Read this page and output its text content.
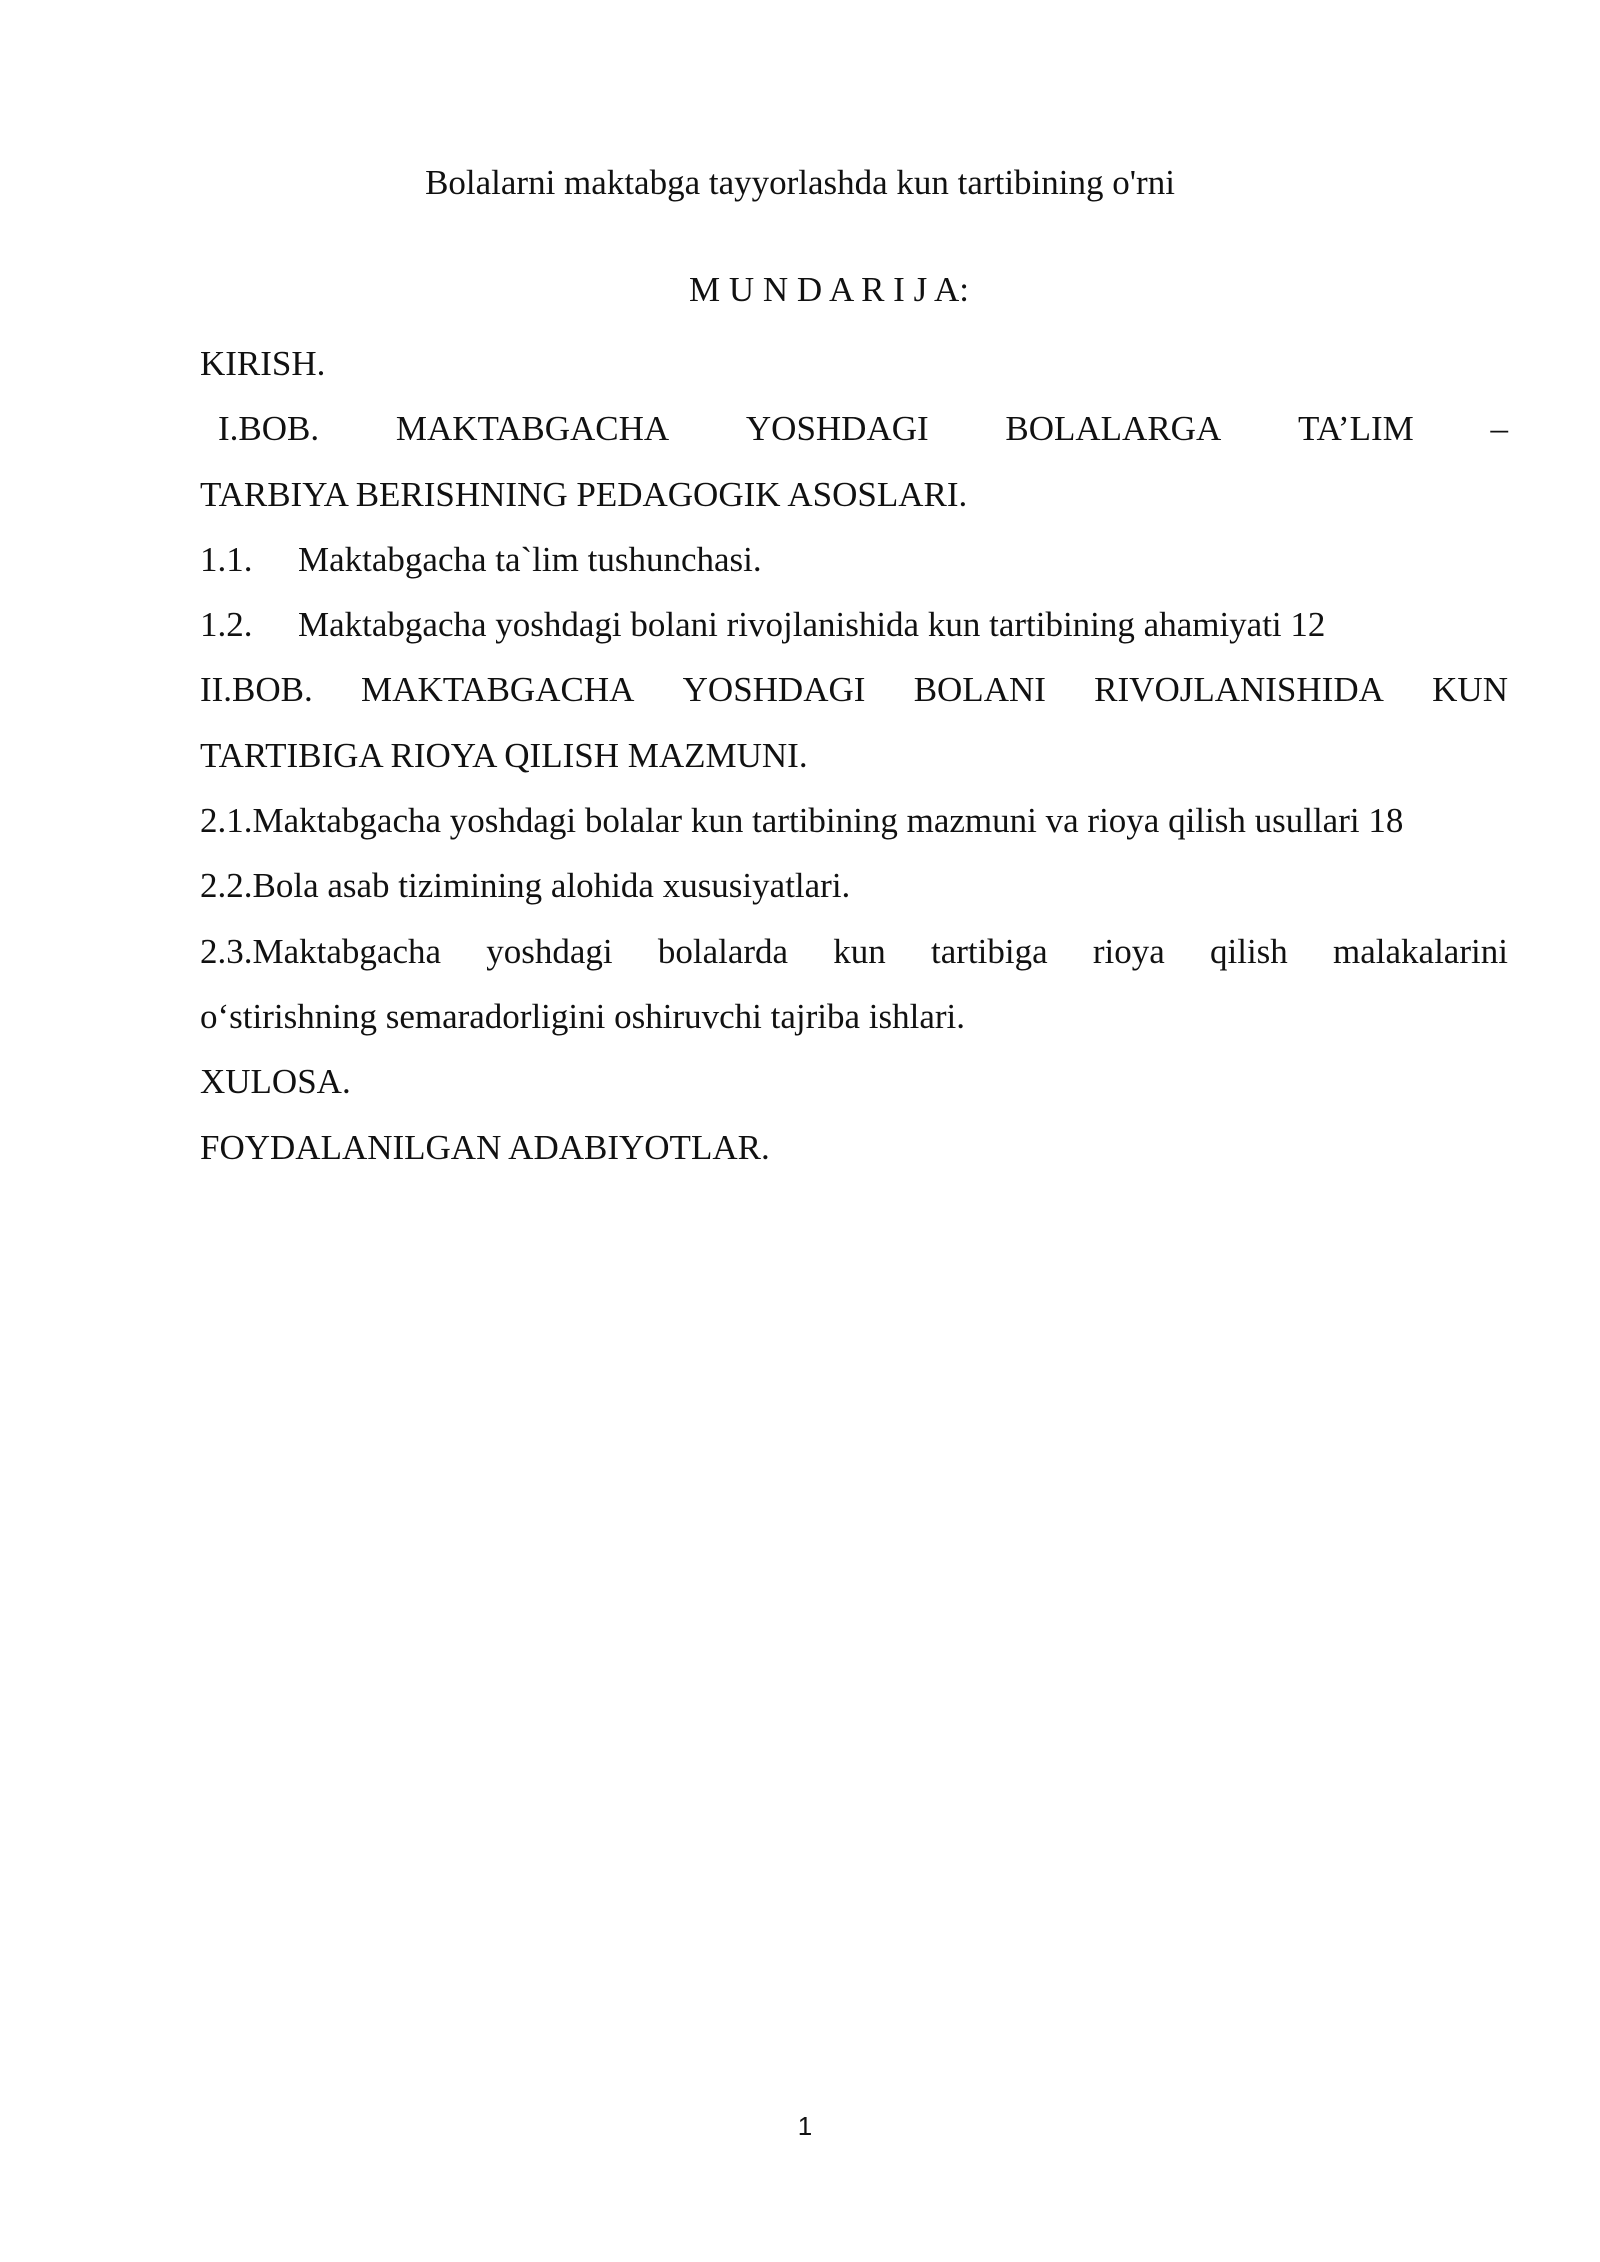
Bolalarni maktabga tayyorlashda kun tartibining o'rni
M U N D A R I J A:
KIRISH.
I.BOB. MAKTABGACHA YOSHDAGI BOLALARGA TA’LIM –
TARBIYA BERISHNING PEDAGOGIK ASOSLARI.
1.1. Maktabgacha ta`lim tushunchasi.
1.2. Maktabgacha yoshdagi bolani rivojlanishida kun tartibining ahamiyati 12
II.BOB. MAKTABGACHA YOSHDAGI BOLANI RIVOJLANISHIDA KUN
TARTIBIGA RIOYA QILISH MAZMUNI.
2.1.Maktabgacha yoshdagi bolalar kun tartibining mazmuni va rioya qilish usullari 18
2.2.Bola asab tizimining alohida xususiyatlari.
2.3.Maktabgacha yoshdagi bolalarda kun tartibiga rioya qilish malakalarini
o‘stirishning semaradorligini oshiruvchi tajriba ishlari.
XULOSA.
FOYDALANILGAN ADABIYOTLAR.
1
